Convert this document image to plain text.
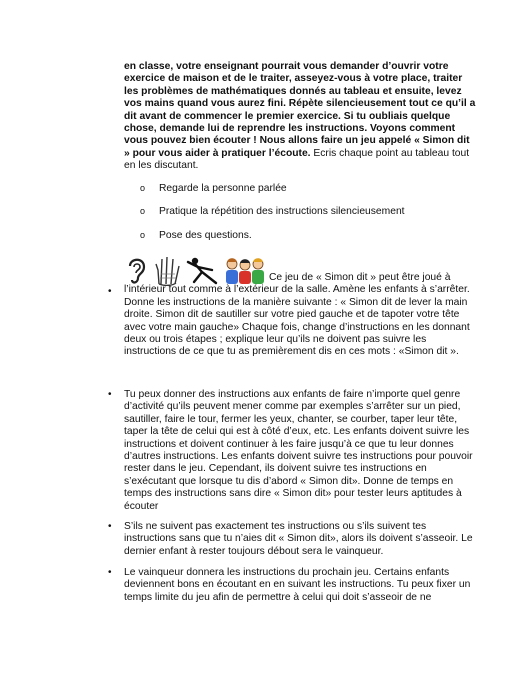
en classe, votre enseignant pourrait vous demander d’ouvrir votre exercice de maison et de le traiter, asseyez-vous à votre place, traiter les problèmes de mathématiques donnés au tableau et ensuite, levez vos mains quand vous aurez fini. Répète silencieusement tout ce qu’il a dit avant de commencer le premier exercice. Si tu oubliais quelque chose, demande lui de reprendre les instructions. Voyons comment vous pouvez bien écouter ! Nous allons faire un jeu appelé « Simon dit » pour vous aider à pratiquer l’écoute. Ecris chaque point au tableau tout en les discutant.
o Regarde la personne parlée
o Pratique la répétition des instructions silencieusement
o Pose des questions.
•
Ce jeu de « Simon dit » peut être joué à l’intérieur tout comme à l’extérieur de la salle. Amène les enfants à s’arrêter. Donne les instructions de la manière suivante : « Simon dit de lever la main droite. Simon dit de sautiller sur votre pied gauche et de tapoter votre tête avec votre main gauche» Chaque fois, change d’instructions en les donnant deux ou trois étapes ; explique leur qu’ils ne doivent pas suivre les instructions de ce que tu as premièrement dis en ces mots : «Simon dit ».
• Tu peux donner des instructions aux enfants de faire n’importe quel genre d’activité qu’ils peuvent mener comme par exemples s’arrêter sur un pied, sautiller, faire le tour, fermer les yeux, chanter, se courber, taper leur tête, taper la tête de celui qui est à côté d’eux, etc. Les enfants doivent suivre les instructions et doivent continuer à les faire jusqu’à ce que tu leur donnes d’autres instructions. Les enfants doivent suivre tes instructions pour pouvoir rester dans le jeu. Cependant, ils doivent suivre tes instructions en s’exécutant que lorsque tu dis d’abord « Simon dit». Donne de temps en temps des instructions sans dire « Simon dit» pour tester leurs aptitudes à écouter
• S’ils ne suivent pas exactement tes instructions ou s’ils suivent tes instructions sans que tu n’aies dit « Simon dit», alors ils doivent s’asseoir. Le dernier enfant à rester toujours débout sera le vainqueur.
• Le vainqueur donnera les instructions du prochain jeu. Certains enfants deviennent bons en écoutant en en suivant les instructions. Tu peux fixer un temps limite du jeu afin de permettre à celui qui doit s’asseoir de ne
